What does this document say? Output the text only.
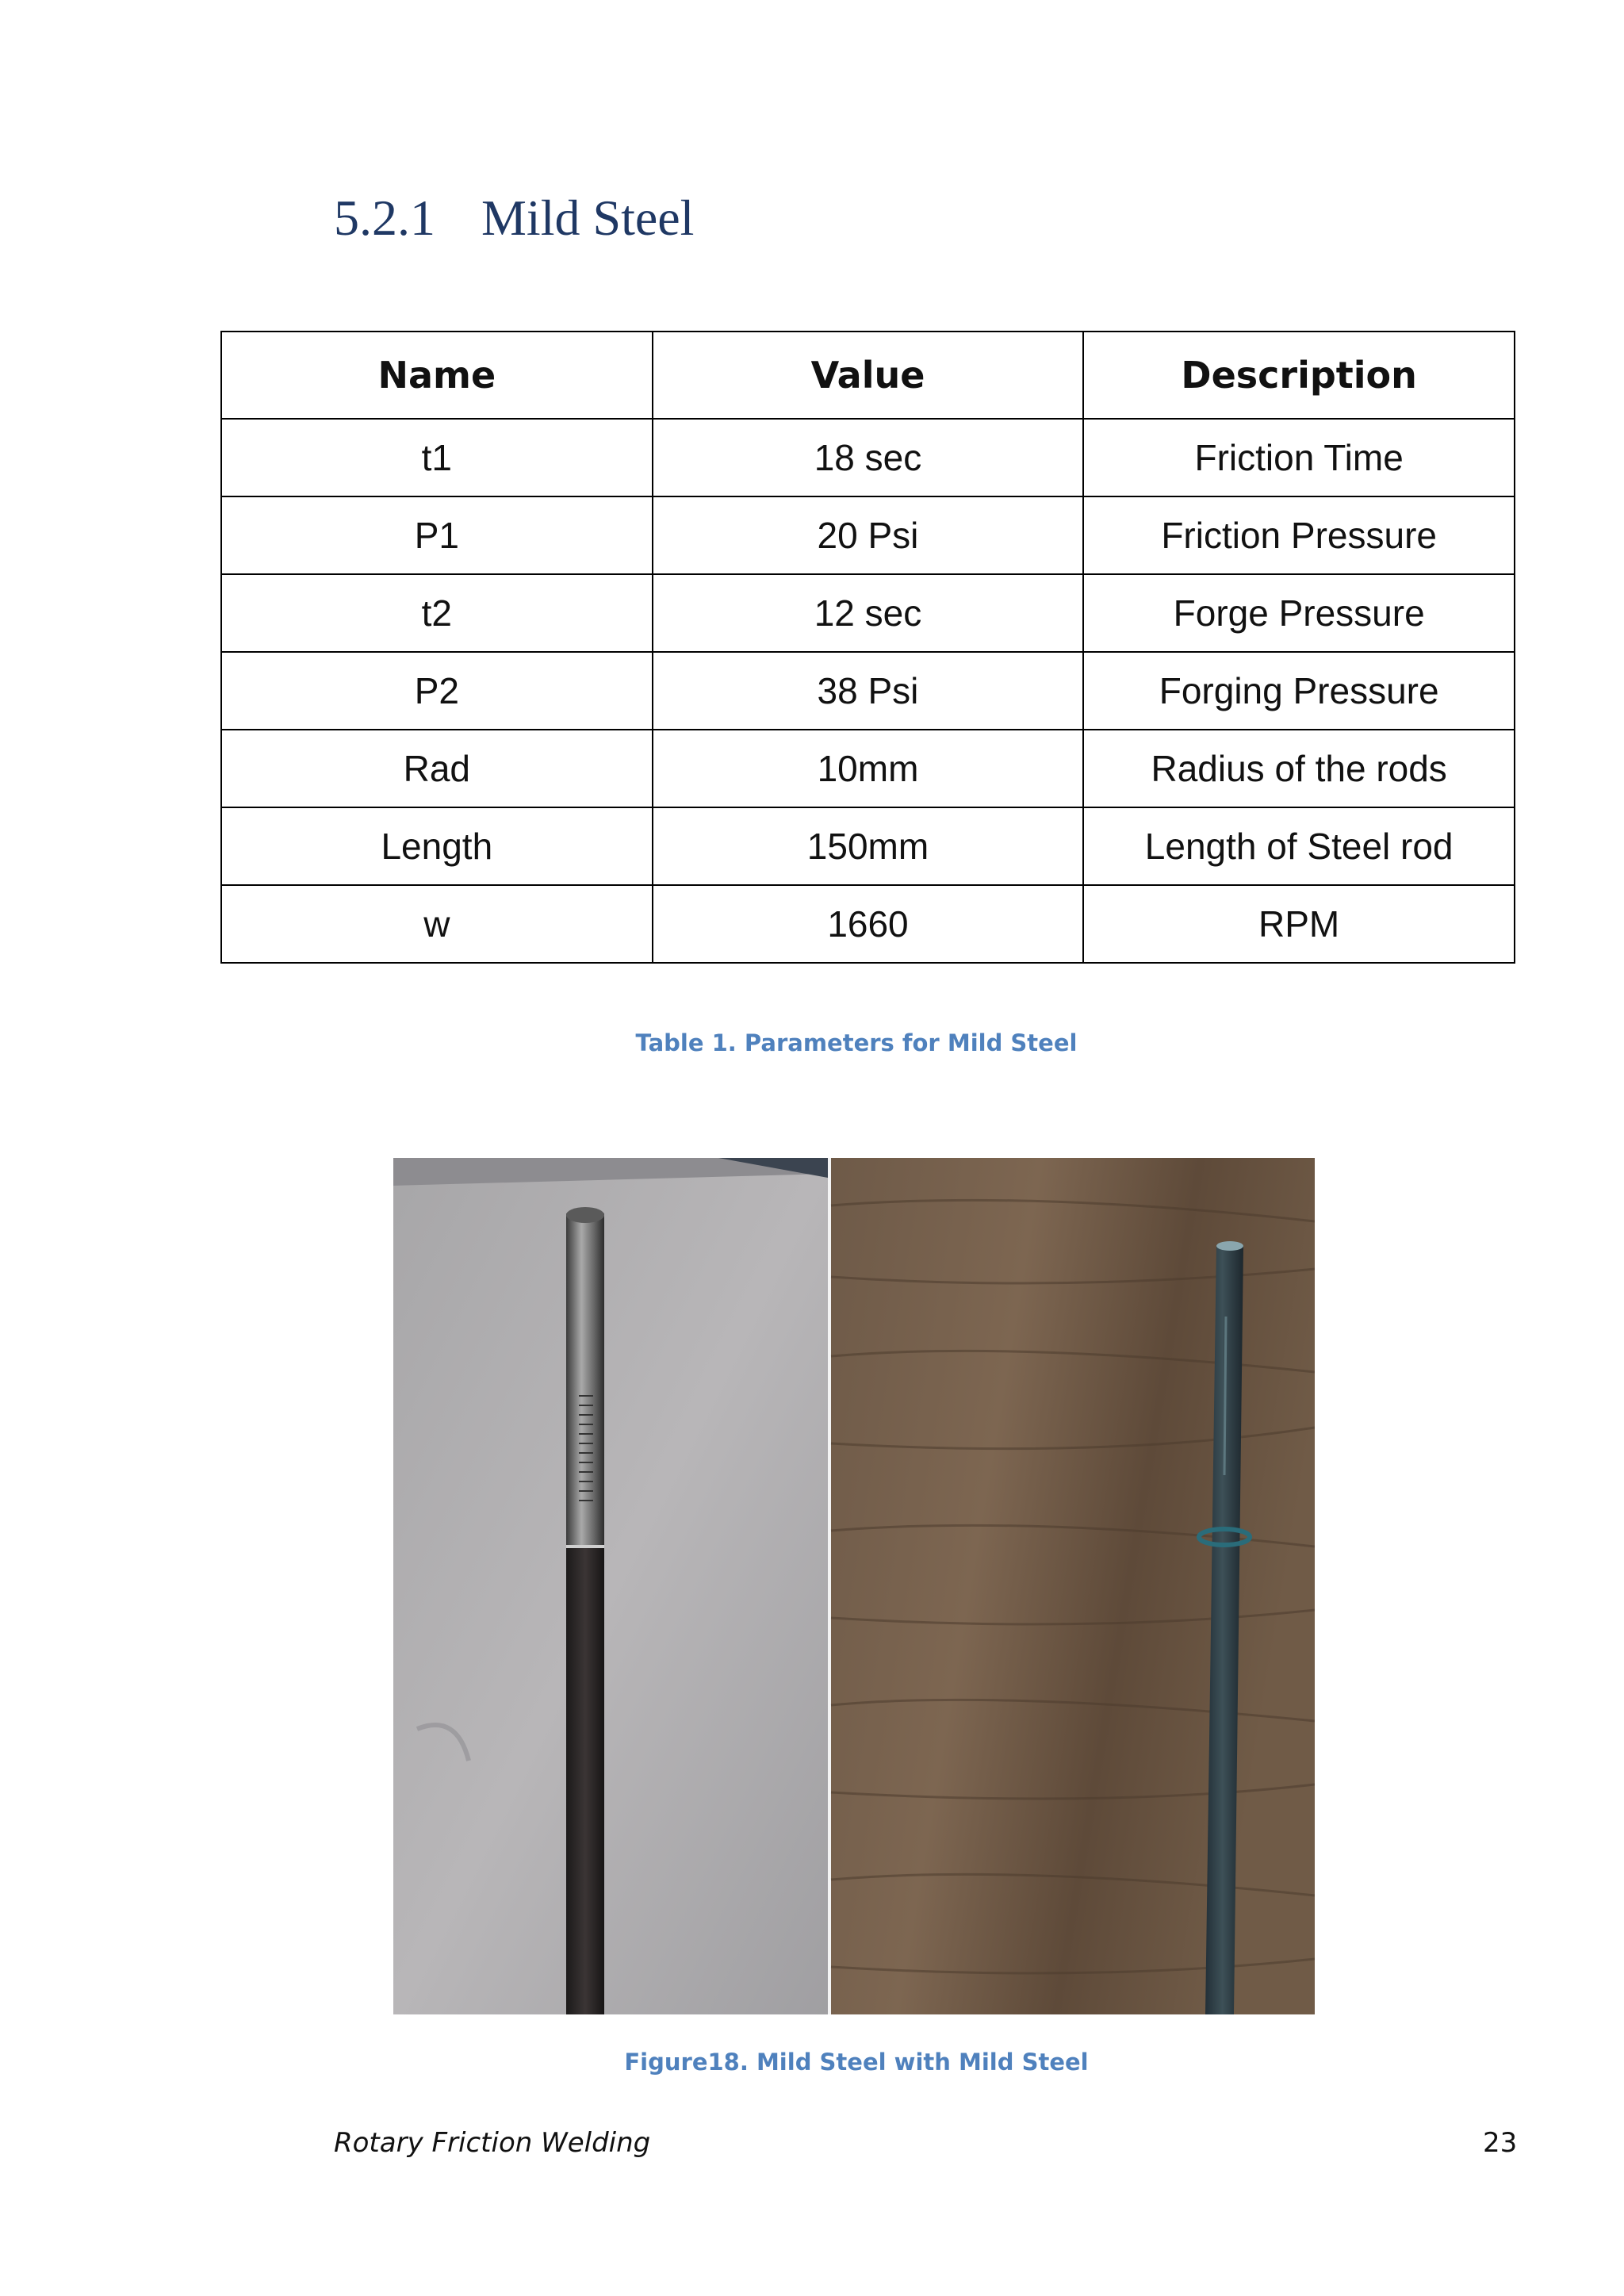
5.2.1 Mild Steel
Name	Value	Description
t1	18 sec	Friction Time
P1	20 Psi	Friction Pressure
t2	12 sec	Forge Pressure
P2	38 Psi	Forging Pressure
Rad	10mm	Radius of the rods
Length	150mm	Length of Steel rod
w	1660	RPM
Table 1. Parameters for Mild Steel
Figure18. Mild Steel with Mild Steel
Rotary Friction Welding	23
